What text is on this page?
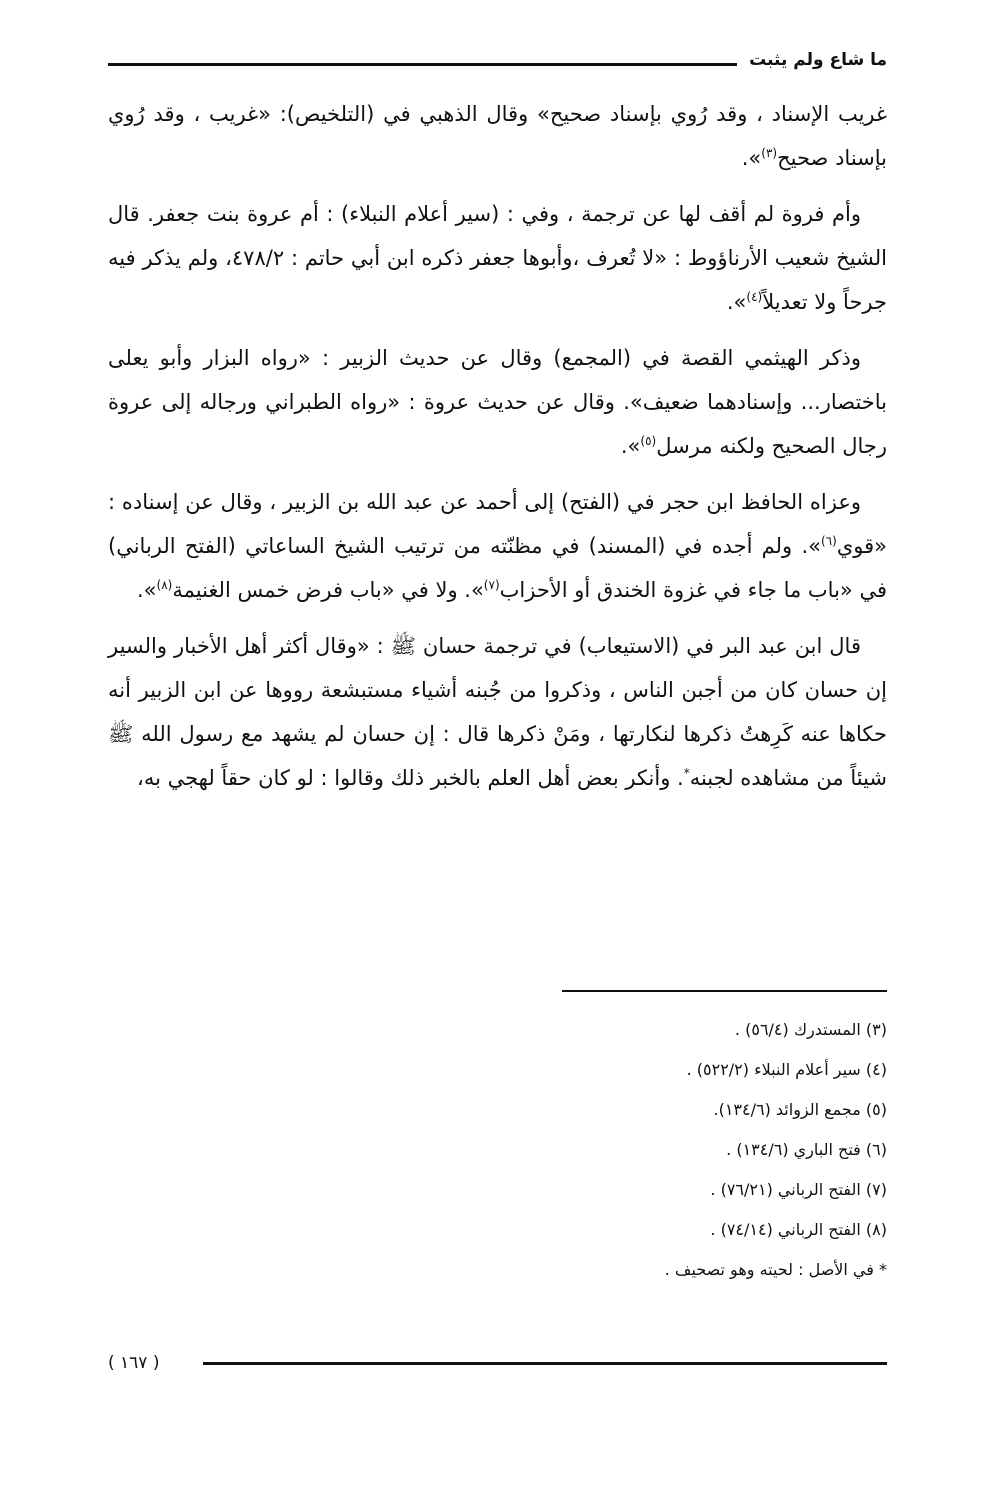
ما شاع ولم يثبت

غريب الإسناد ، وقد رُوي بإسناد صحيح» وقال الذهبي في (التلخيص): «غريب ، وقد رُوي بإسناد صحيح$^{(٣)}$».

وأم فروة لم أقف لها عن ترجمة ، وفي : (سير أعلام النبلاء) : أم عروة بنت جعفر. قال الشيخ شعيب الأرناؤوط : «لا تُعرف ،وأبوها جعفر ذكره ابن أبي حاتم : ٤٧٨/٢، ولم يذكر فيه جرحاً ولا تعديلاً$^{(٤)}$».

وذكر الهيثمي القصة في (المجمع) وقال عن حديث الزبير : «رواه البزار وأبو يعلى باختصار... وإسنادهما ضعيف». وقال عن حديث عروة : «رواه الطبراني ورجاله إلى عروة رجال الصحيح ولكنه مرسل$^{(٥)}$».

وعزاه الحافظ ابن حجر في (الفتح) إلى أحمد عن عبد الله بن الزبير ، وقال عن إسناده : «قوي$^{(٦)}$». ولم أجده في (المسند) في مظنّته من ترتيب الشيخ الساعاتي (الفتح الرباني) في «باب ما جاء في غزوة الخندق أو الأحزاب$^{(٧)}$». ولا في «باب فرض خمس الغنيمة$^{(٨)}$».

قال ابن عبد البر في (الاستيعاب) في ترجمة حسان ﷺ : «وقال أكثر أهل الأخبار والسير إن حسان كان من أجبن الناس ، وذكروا من جُبنه أشياء مستبشعة رووها عن ابن الزبير أنه حكاها عنه كَرِهتُ ذكرها لنكارتها ، ومَنْ ذكرها قال : إن حسان لم يشهد مع رسول الله ﷺ شيئاً من مشاهده لجبنه*. وأنكر بعض أهل العلم بالخبر ذلك وقالوا : لو كان حقاً لهجي به،

(٣) المستدرك (٥٦/٤) .

(٤) سير أعلام النبلاء (٥٢٢/٢) .

(٥) مجمع الزوائد (١٣٤/٦).

(٦) فتح الباري (١٣٤/٦) .

(٧) الفتح الرباني (٧٦/٢١) .

(٨) الفتح الرباني (٧٤/١٤) .

* في الأصل : لحيته وهو تصحيف .

( ١٦٧ )
